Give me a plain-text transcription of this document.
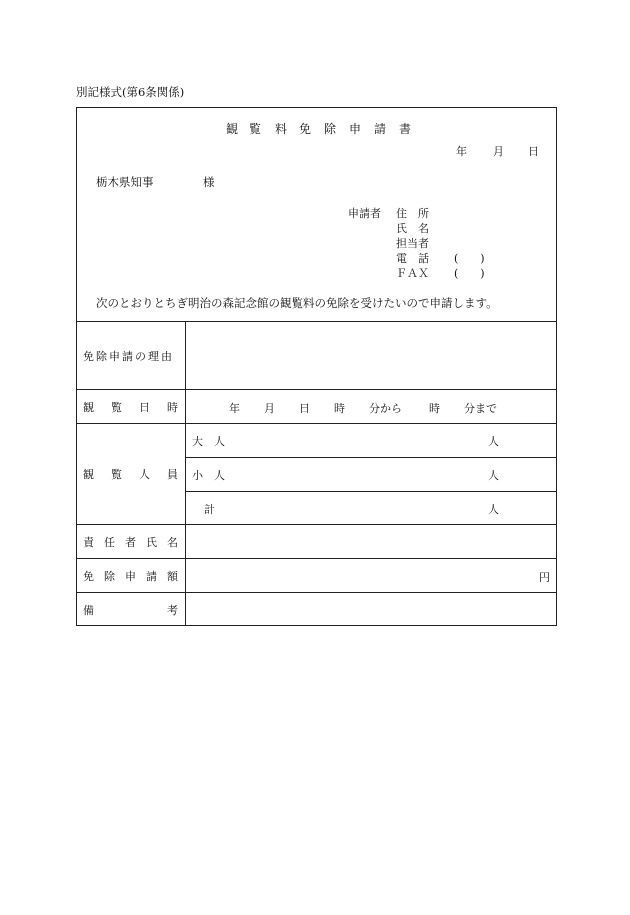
別記様式(第6条関係)
観 覧 料 免 除 申 請 書
年 月 日
栃木県知事	様
申請者 住　所
氏　名
担当者
電　話 (　　)
ＦＡＸ (　　)
次のとおりとちぎ明治の森記念館の観覧料の免除を受けたいので申請します。
免除申請の理由
観 覧 日 時	年 月 日 時 分から 時 分まで
観 覧 人 員
大　人	人
小　人	人
計	人
責 任 者 氏 名
免 除 申 請 額	円
備	考
